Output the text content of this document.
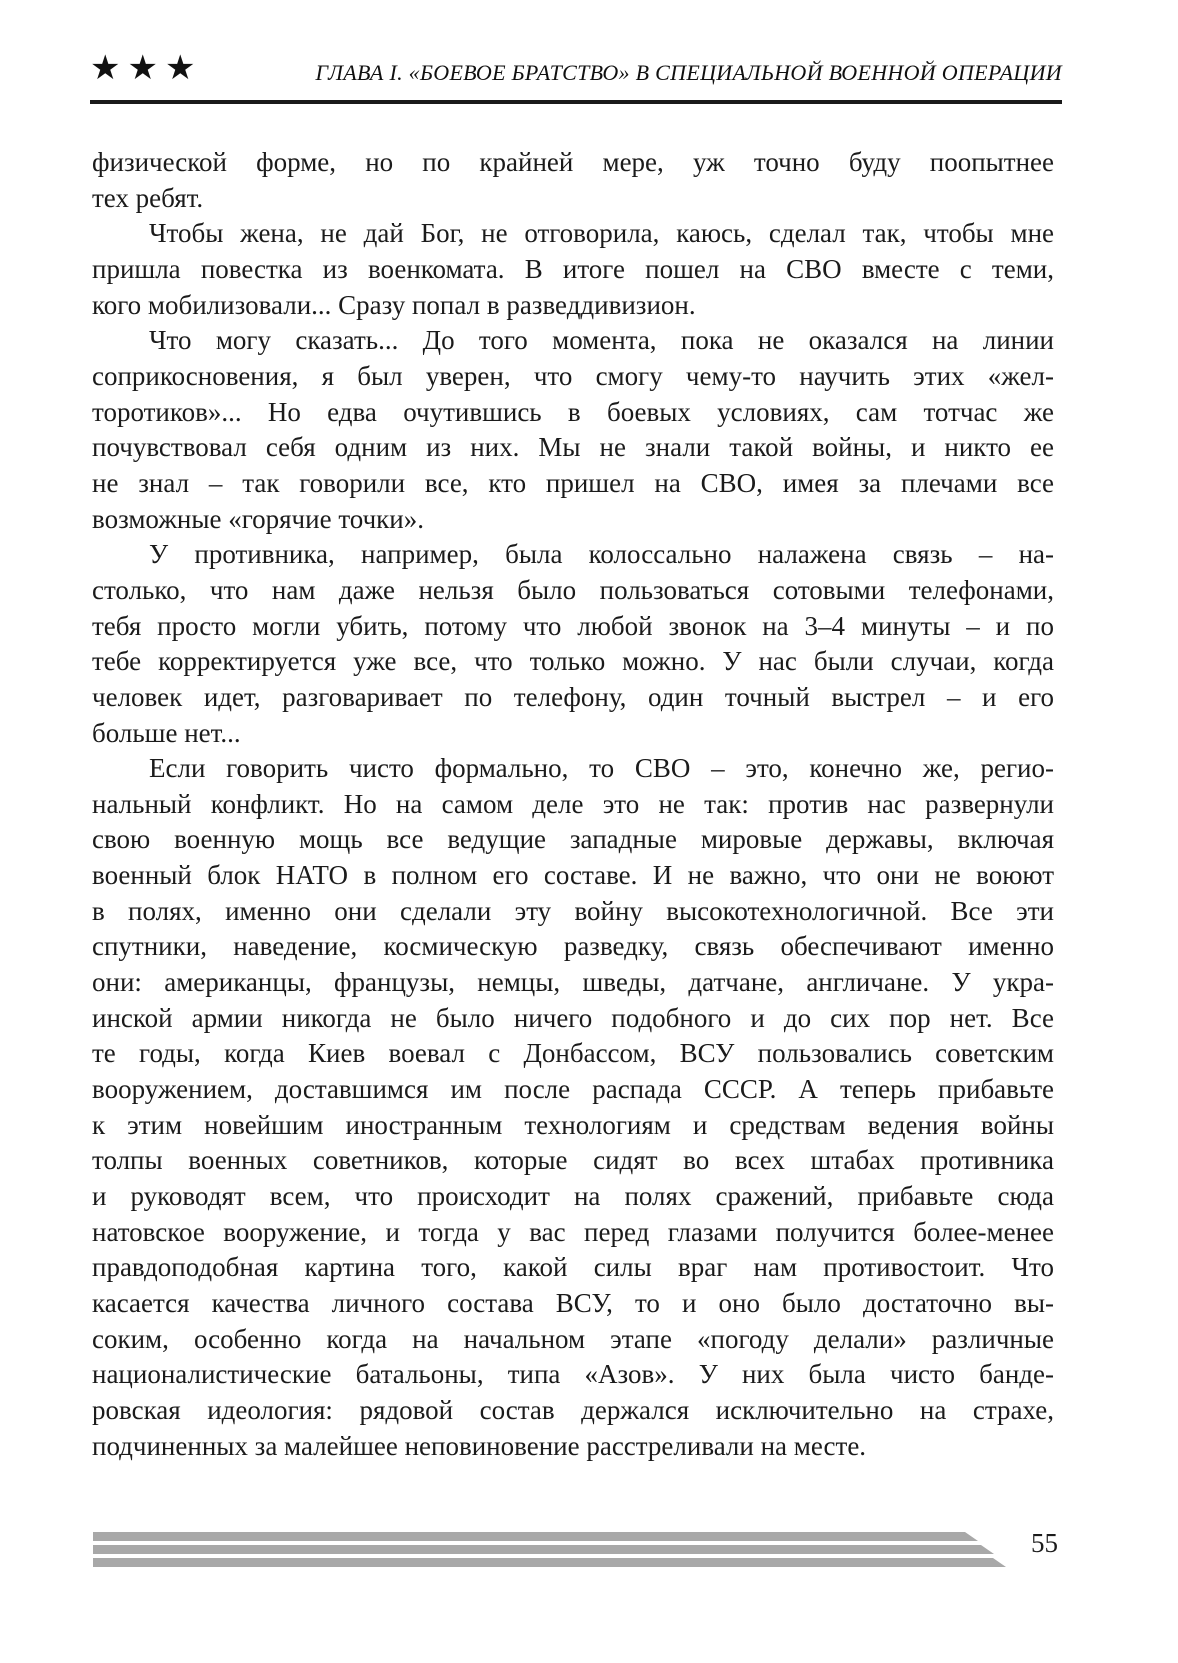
★★★	ГЛАВА I. «БОЕВОЕ БРАТСТВО» В СПЕЦИАЛЬНОЙ ВОЕННОЙ ОПЕРАЦИИ
физической форме, но по крайней мере, уж точно буду поопытнее
тех ребят.
Чтобы жена, не дай Бог, не отговорила, каюсь, сделал так, чтобы мне
пришла повестка из военкомата. В итоге пошел на СВО вместе с теми,
кого мобилизовали... Сразу попал в разведдивизион.
Что могу сказать... До того момента, пока не оказался на линии
соприкосновения, я был уверен, что смогу чему-то научить этих «жел-
торотиков»... Но едва очутившись в боевых условиях, сам тотчас же
почувствовал себя одним из них. Мы не знали такой войны, и никто ее
не знал – так говорили все, кто пришел на СВО, имея за плечами все
возможные «горячие точки».
У противника, например, была колоссально налажена связь – на-
столько, что нам даже нельзя было пользоваться сотовыми телефонами,
тебя просто могли убить, потому что любой звонок на 3–4 минуты – и по
тебе корректируется уже все, что только можно. У нас были случаи, когда
человек идет, разговаривает по телефону, один точный выстрел – и его
больше нет...
Если говорить чисто формально, то СВО – это, конечно же, регио-
нальный конфликт. Но на самом деле это не так: против нас развернули
свою военную мощь все ведущие западные мировые державы, включая
военный блок НАТО в полном его составе. И не важно, что они не воюют
в полях, именно они сделали эту войну высокотехнологичной. Все эти
спутники, наведение, космическую разведку, связь обеспечивают именно
они: американцы, французы, немцы, шведы, датчане, англичане. У укра-
инской армии никогда не было ничего подобного и до сих пор нет. Все
те годы, когда Киев воевал с Донбассом, ВСУ пользовались советским
вооружением, доставшимся им после распада СССР. А теперь прибавьте
к этим новейшим иностранным технологиям и средствам ведения войны
толпы военных советников, которые сидят во всех штабах противника
и руководят всем, что происходит на полях сражений, прибавьте сюда
натовское вооружение, и тогда у вас перед глазами получится более-менее
правдоподобная картина того, какой силы враг нам противостоит. Что
касается качества личного состава ВСУ, то и оно было достаточно вы-
соким, особенно когда на начальном этапе «погоду делали» различные
националистические батальоны, типа «Азов». У них была чисто банде-
ровская идеология: рядовой состав держался исключительно на страхе,
подчиненных за малейшее неповиновение расстреливали на месте.
55
